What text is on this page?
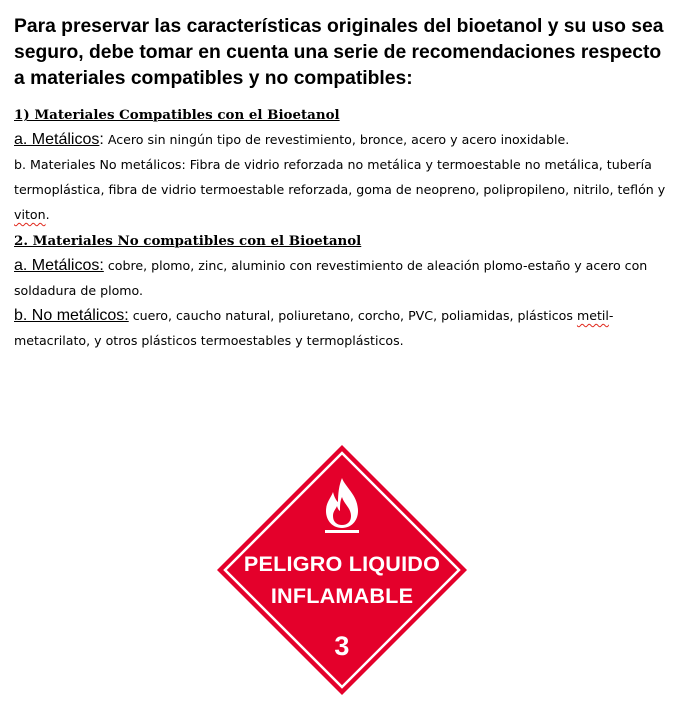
Para preservar las características originales del bioetanol y su uso sea seguro, debe tomar en cuenta una serie de recomendaciones respecto a materiales compatibles y no compatibles:

1) Materiales Compatibles con el Bioetanol
a. Metálicos: Acero sin ningún tipo de revestimiento, bronce, acero y acero inoxidable.
b. Materiales No metálicos: Fibra de vidrio reforzada no metálica y termoestable no metálica, tubería termoplástica, fibra de vidrio termoestable reforzada, goma de neopreno, polipropileno, nitrilo, teflón y viton.
2. Materiales No compatibles con el Bioetanol
a. Metálicos: cobre, plomo, zinc, aluminio con revestimiento de aleación plomo-estaño y acero con soldadura de plomo.
b. No metálicos: cuero, caucho natural, poliuretano, corcho, PVC, poliamidas, plásticos metil-metacrilato, y otros plásticos termoestables y termoplásticos.
PELIGRO LIQUIDO
INFLAMABLE
3
